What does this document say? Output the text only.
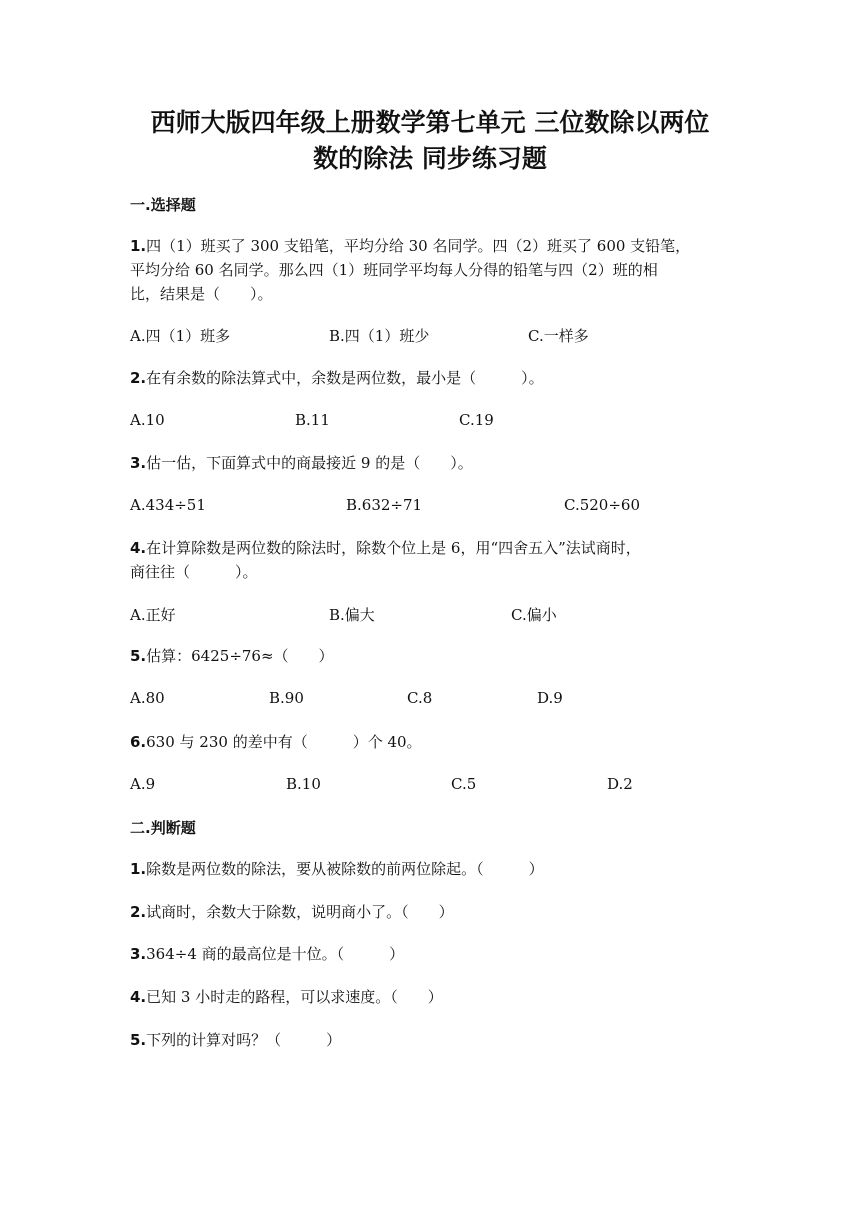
西师大版四年级上册数学第七单元 三位数除以两位
数的除法 同步练习题
一.选择题
1.四（1）班买了 300 支铅笔，平均分给 30 名同学。四（2）班买了 600 支铅笔，
平均分给 60 名同学。那么四（1）班同学平均每人分得的铅笔与四（2）班的相
比，结果是（　　）。
A.四（1）班多	B.四（1）班少	C.一样多
2.在有余数的除法算式中，余数是两位数，最小是（　　　）。
A.10	B.11	C.19
3.估一估，下面算式中的商最接近 9 的是（　　）。
A.434÷51	B.632÷71	C.520÷60
4.在计算除数是两位数的除法时，除数个位上是 6，用“四舍五入”法试商时，
商往往（　　　）。
A.正好	B.偏大	C.偏小
5.估算：6425÷76≈（　　）
A.80	B.90	C.8	D.9
6.630 与 230 的差中有（　　　）个 40。
A.9	B.10	C.5	D.2
二.判断题
1.除数是两位数的除法，要从被除数的前两位除起。（　　　）
2.试商时，余数大于除数，说明商小了。（　　）
3.364÷4 商的最高位是十位。（　　　）
4.已知 3 小时走的路程，可以求速度。（　　）
5.下列的计算对吗？（　　　）
